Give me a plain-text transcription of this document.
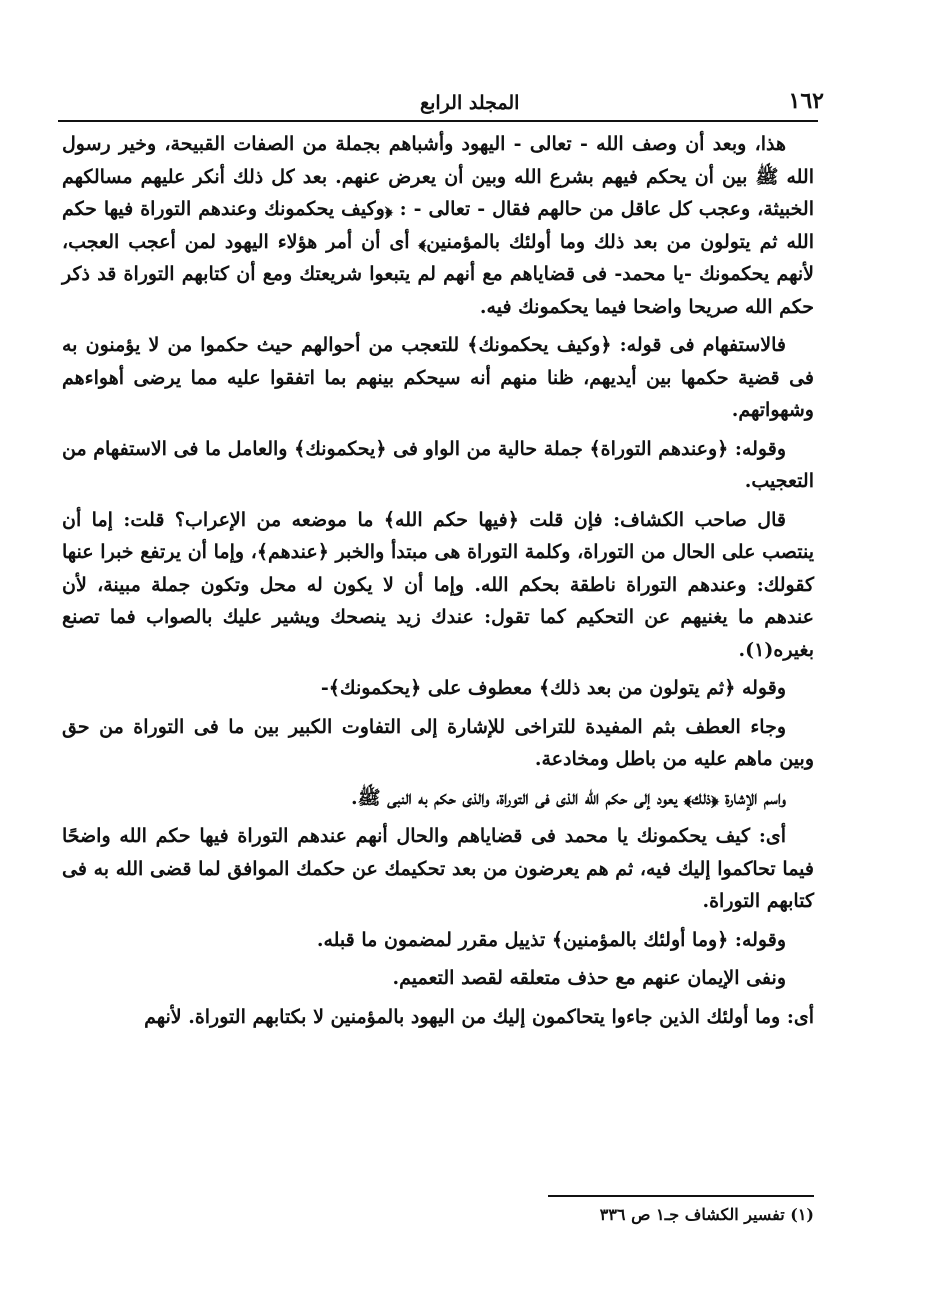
١٦٢
المجلد الرابع

هذا، وبعد أن وصف الله - تعالى - اليهود وأشباهم بجملة من الصفات القبيحة، وخير رسول الله ﷺ بين أن يحكم فيهم بشرع الله وبين أن يعرض عنهم. بعد كل ذلك أنكر عليهم مسالكهم الخبيثة، وعجب كل عاقل من حالهم فقال - تعالى - : ﴿وكيف يحكمونك وعندهم التوراة فيها حكم الله ثم يتولون من بعد ذلك وما أولئك بالمؤمنين﴾ أى أن أمر هؤلاء اليهود لمن أعجب العجب، لأنهم يحكمونك -يا محمد- فى قضاياهم مع أنهم لم يتبعوا شريعتك ومع أن كتابهم التوراة قد ذكر حكم الله صريحا واضحا فيما يحكمونك فيه.

فالاستفهام فى قوله: ﴿وكيف يحكمونك﴾ للتعجب من أحوالهم حيث حكموا من لا يؤمنون به فى قضية حكمها بين أيديهم، ظنا منهم أنه سيحكم بينهم بما اتفقوا عليه مما يرضى أهواءهم وشهواتهم.

وقوله: ﴿وعندهم التوراة﴾ جملة حالية من الواو فى ﴿يحكمونك﴾ والعامل ما فى الاستفهام من التعجيب.

قال صاحب الكشاف: فإن قلت ﴿فيها حكم الله﴾ ما موضعه من الإعراب؟ قلت: إما أن ينتصب على الحال من التوراة، وكلمة التوراة هى مبتدأ والخبر ﴿عندهم﴾، وإما أن يرتفع خبرا عنها كقولك: وعندهم التوراة ناطقة بحكم الله. وإما أن لا يكون له محل وتكون جملة مبينة، لأن عندهم ما يغنيهم عن التحكيم كما تقول: عندك زيد ينصحك ويشير عليك بالصواب فما تصنع بغيره(١).

وقوله ﴿ثم يتولون من بعد ذلك﴾ معطوف على ﴿يحكمونك﴾-

وجاء العطف بثم المفيدة للتراخى للإشارة إلى التفاوت الكبير بين ما فى التوراة من حق وبين ماهم عليه من باطل ومخادعة.

واسم الإشارة ﴿ذلك﴾ يعود إلى حكم الله الذى فى التوراة، والذى حكم به النبى ﷺ.

أى: كيف يحكمونك يا محمد فى قضاياهم والحال أنهم عندهم التوراة فيها حكم الله واضحًا فيما تحاكموا إليك فيه، ثم هم يعرضون من بعد تحكيمك عن حكمك الموافق لما قضى الله به فى كتابهم التوراة.

وقوله: ﴿وما أولئك بالمؤمنين﴾ تذييل مقرر لمضمون ما قبله.

ونفى الإيمان عنهم مع حذف متعلقه لقصد التعميم.

أى: وما أولئك الذين جاءوا يتحاكمون إليك من اليهود بالمؤمنين لا بكتابهم التوراة. لأنهم

(١) تفسير الكشاف جـ١ ص ٣٣٦
